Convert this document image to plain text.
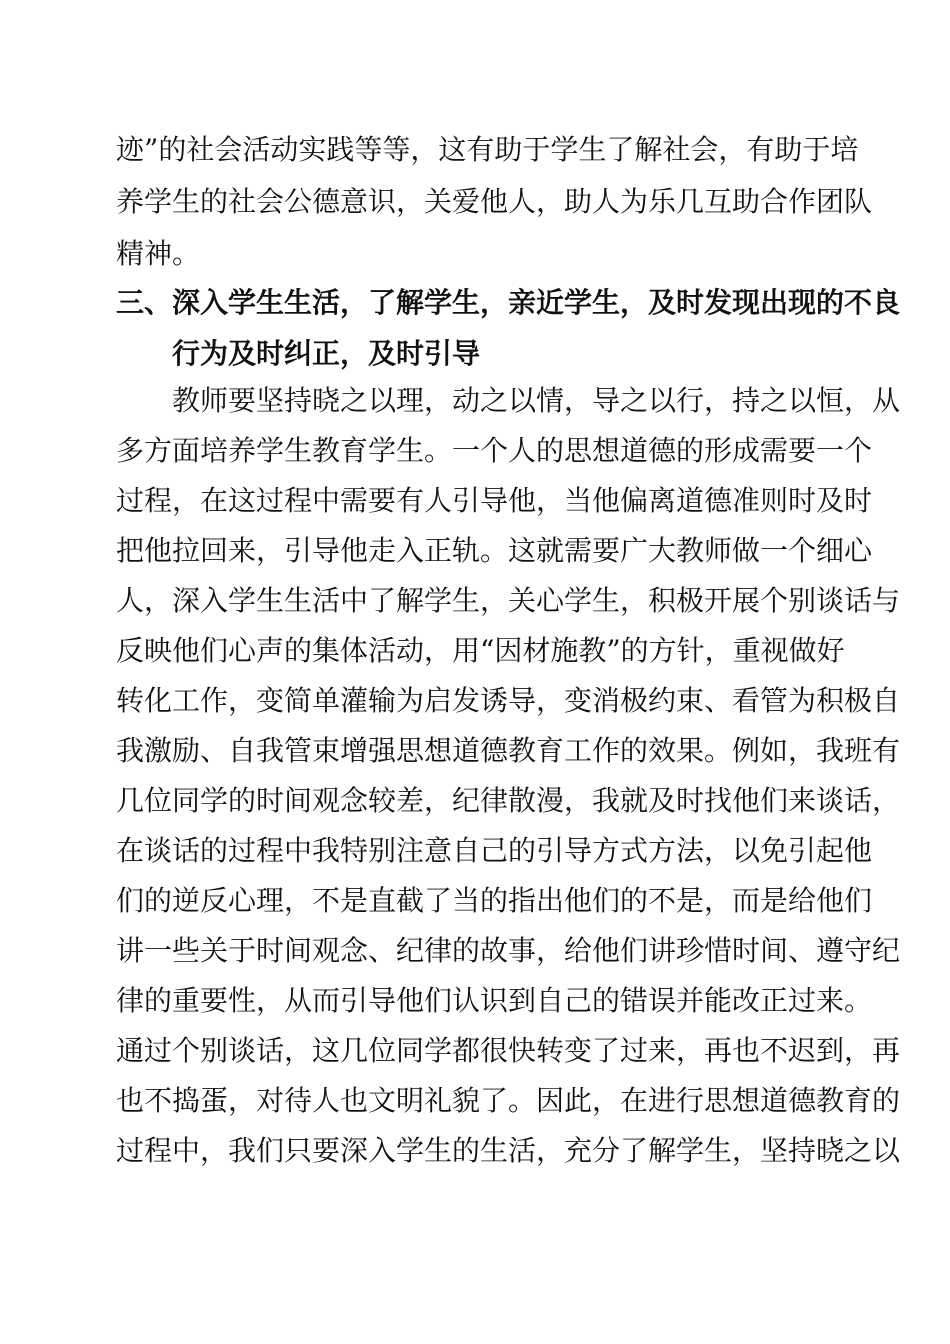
迹”的社会活动实践等等，这有助于学生了解社会，有助于培
养学生的社会公德意识，关爱他人，助人为乐几互助合作团队
精神。
三、深入学生生活，了解学生，亲近学生，及时发现出现的不良
行为及时纠正，及时引导
教师要坚持晓之以理，动之以情，导之以行，持之以恒，从
多方面培养学生教育学生。一个人的思想道德的形成需要一个
过程，在这过程中需要有人引导他，当他偏离道德准则时及时
把他拉回来，引导他走入正轨。这就需要广大教师做一个细心
人，深入学生生活中了解学生，关心学生，积极开展个别谈话与
反映他们心声的集体活动，用“因材施教”的方针，重视做好
转化工作，变简单灌输为启发诱导，变消极约束、看管为积极自
我激励、自我管束增强思想道德教育工作的效果。例如，我班有
几位同学的时间观念较差，纪律散漫，我就及时找他们来谈话，
在谈话的过程中我特别注意自己的引导方式方法，以免引起他
们的逆反心理，不是直截了当的指出他们的不是，而是给他们
讲一些关于时间观念、纪律的故事，给他们讲珍惜时间、遵守纪
律的重要性，从而引导他们认识到自己的错误并能改正过来。
通过个别谈话，这几位同学都很快转变了过来，再也不迟到，再
也不捣蛋，对待人也文明礼貌了。因此，在进行思想道德教育的
过程中，我们只要深入学生的生活，充分了解学生，坚持晓之以
